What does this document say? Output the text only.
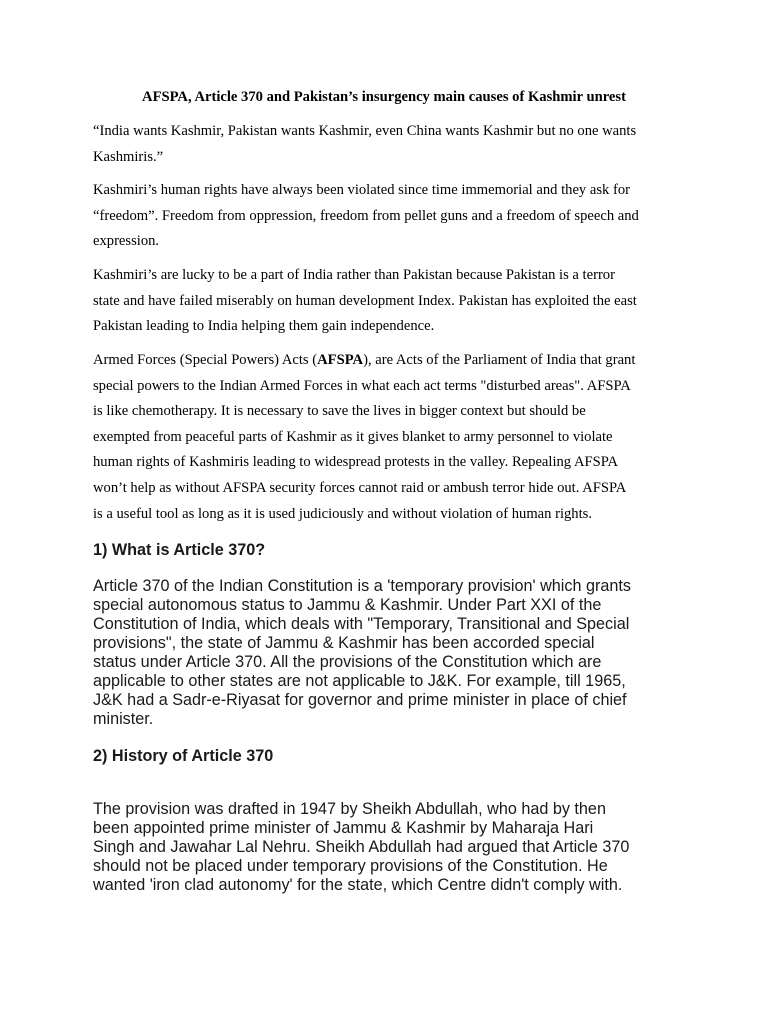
AFSPA, Article 370 and Pakistan’s insurgency main causes of Kashmir unrest

“India wants Kashmir, Pakistan wants Kashmir, even China wants Kashmir but no one wants
Kashmiris.”

Kashmiri’s human rights have always been violated since time immemorial and they ask for
“freedom”. Freedom from oppression, freedom from pellet guns and a freedom of speech and
expression.

Kashmiri’s are lucky to be a part of India rather than Pakistan because Pakistan is a terror
state and have failed miserably on human development Index. Pakistan has exploited the east
Pakistan leading to India helping them gain independence.

Armed Forces (Special Powers) Acts (AFSPA), are Acts of the Parliament of India that grant
special powers to the Indian Armed Forces in what each act terms "disturbed areas". AFSPA
is like chemotherapy. It is necessary to save the lives in bigger context but should be
exempted from peaceful parts of Kashmir as it gives blanket to army personnel to violate
human rights of Kashmiris leading to widespread protests in the valley. Repealing AFSPA
won’t help as without AFSPA security forces cannot raid or ambush terror hide out. AFSPA
is a useful tool as long as it is used judiciously and without violation of human rights.

1) What is Article 370?

Article 370 of the Indian Constitution is a 'temporary provision' which grants
special autonomous status to Jammu & Kashmir. Under Part XXI of the
Constitution of India, which deals with "Temporary, Transitional and Special
provisions", the state of Jammu & Kashmir has been accorded special
status under Article 370. All the provisions of the Constitution which are
applicable to other states are not applicable to J&K. For example, till 1965,
J&K had a Sadr-e-Riyasat for governor and prime minister in place of chief
minister.

2) History of Article 370

The provision was drafted in 1947 by Sheikh Abdullah, who had by then
been appointed prime minister of Jammu & Kashmir by Maharaja Hari
Singh and Jawahar Lal Nehru. Sheikh Abdullah had argued that Article 370
should not be placed under temporary provisions of the Constitution. He
wanted 'iron clad autonomy' for the state, which Centre didn't comply with.
